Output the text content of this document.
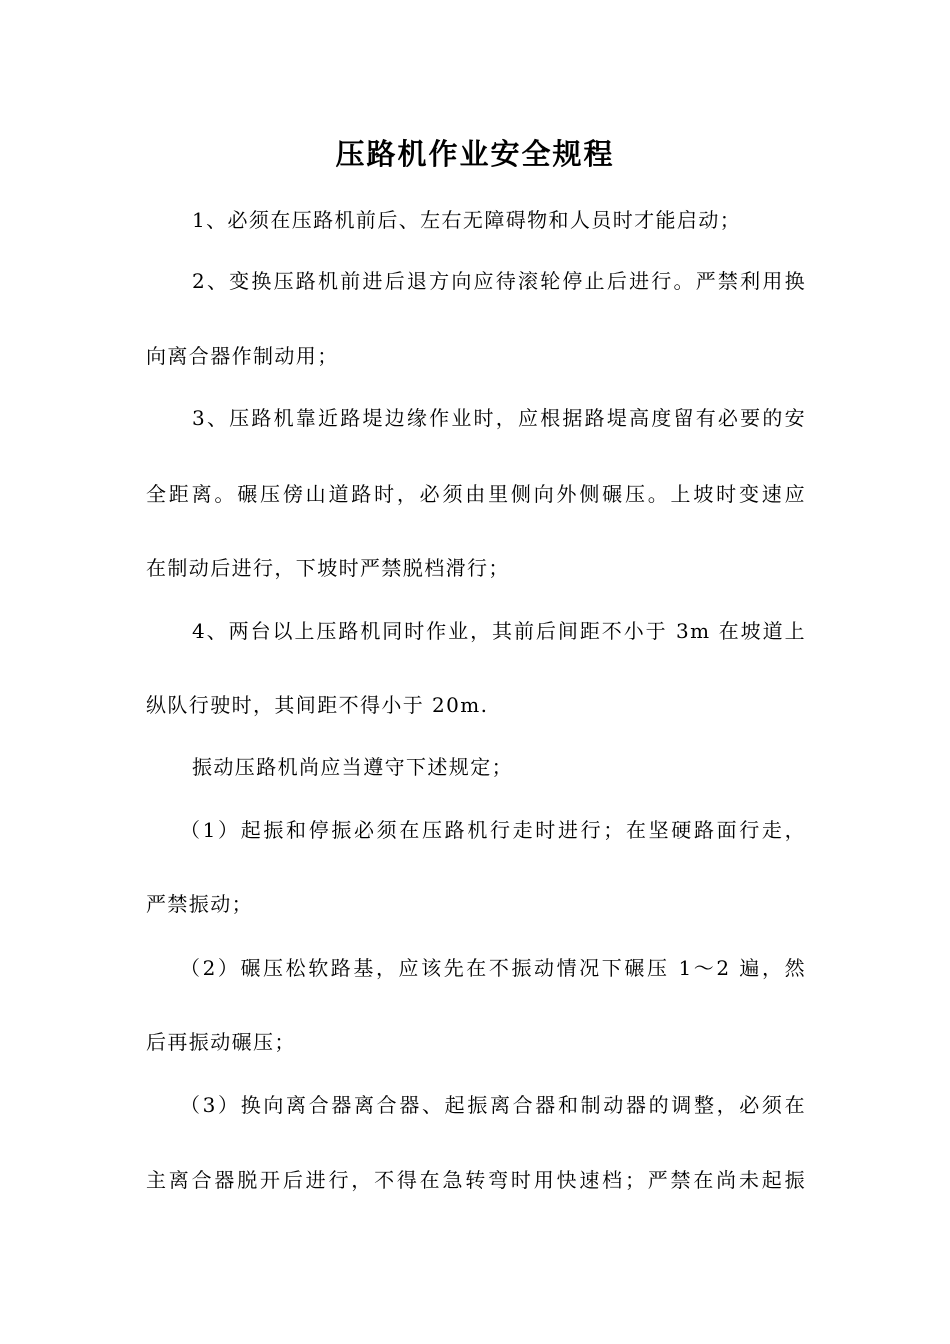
压路机作业安全规程
1、必须在压路机前后、左右无障碍物和人员时才能启动；
2、变换压路机前进后退方向应待滚轮停止后进行。严禁利用换
向离合器作制动用；
3、压路机靠近路堤边缘作业时，应根据路堤高度留有必要的安
全距离。碾压傍山道路时，必须由里侧向外侧碾压。上坡时变速应
在制动后进行，下坡时严禁脱档滑行；
4、两台以上压路机同时作业，其前后间距不小于 3m 在坡道上
纵队行驶时，其间距不得小于 20m.
振动压路机尚应当遵守下述规定；
（1）起振和停振必须在压路机行走时进行；在坚硬路面行走，
严禁振动；
（2）碾压松软路基，应该先在不振动情况下碾压 1～2 遍，然
后再振动碾压；
（3）换向离合器离合器、起振离合器和制动器的调整，必须在
主离合器脱开后进行，不得在急转弯时用快速档；严禁在尚未起振
